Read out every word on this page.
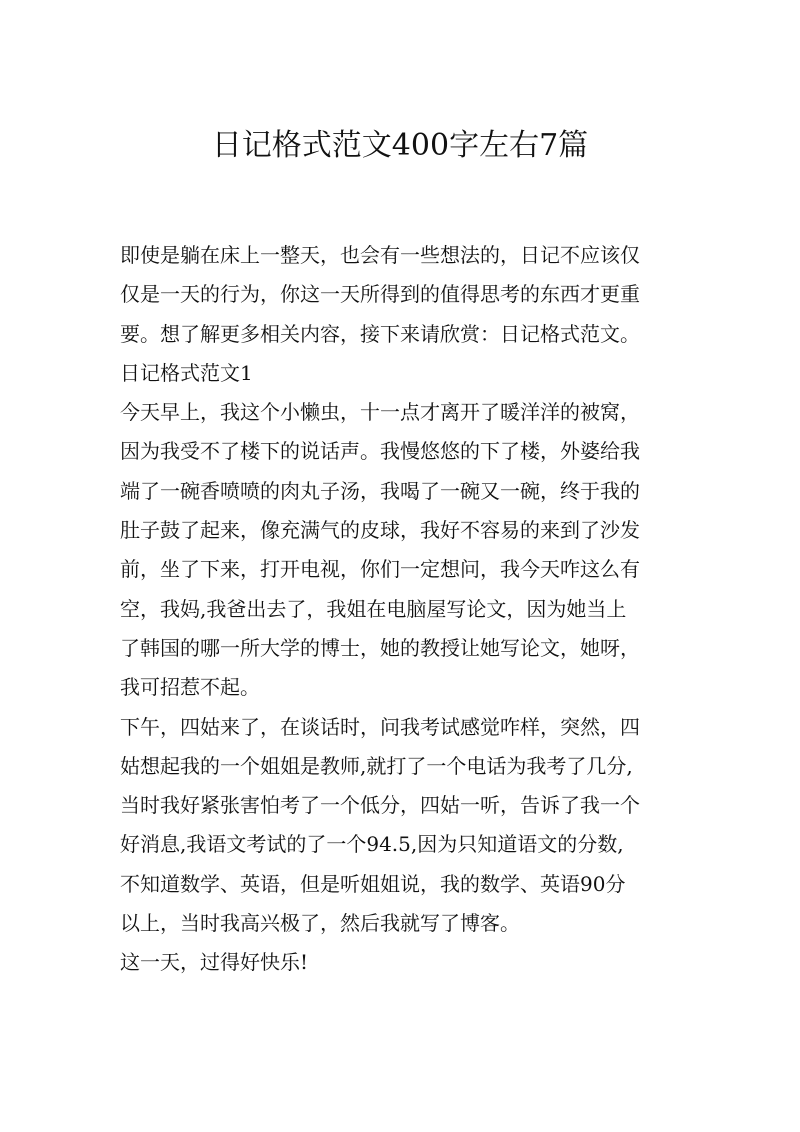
日记格式范文400字左右7篇
即使是躺在床上一整天，也会有一些想法的，日记不应该仅
仅是一天的行为，你这一天所得到的值得思考的东西才更重
要。想了解更多相关内容，接下来请欣赏：日记格式范文。
日记格式范文1
今天早上，我这个小懒虫，十一点才离开了暖洋洋的被窝，
因为我受不了楼下的说话声。我慢悠悠的下了楼，外婆给我
端了一碗香喷喷的肉丸子汤，我喝了一碗又一碗，终于我的
肚子鼓了起来，像充满气的皮球，我好不容易的来到了沙发
前，坐了下来，打开电视，你们一定想问，我今天咋这么有
空，我妈,我爸出去了，我姐在电脑屋写论文，因为她当上
了韩国的哪一所大学的博士，她的教授让她写论文，她呀，
我可招惹不起。
下午，四姑来了，在谈话时，问我考试感觉咋样，突然，四
姑想起我的一个姐姐是教师,就打了一个电话为我考了几分,
当时我好紧张害怕考了一个低分，四姑一听，告诉了我一个
好消息,我语文考试的了一个94.5,因为只知道语文的分数,
不知道数学、英语，但是听姐姐说，我的数学、英语90分
以上，当时我高兴极了，然后我就写了博客。
这一天，过得好快乐!
